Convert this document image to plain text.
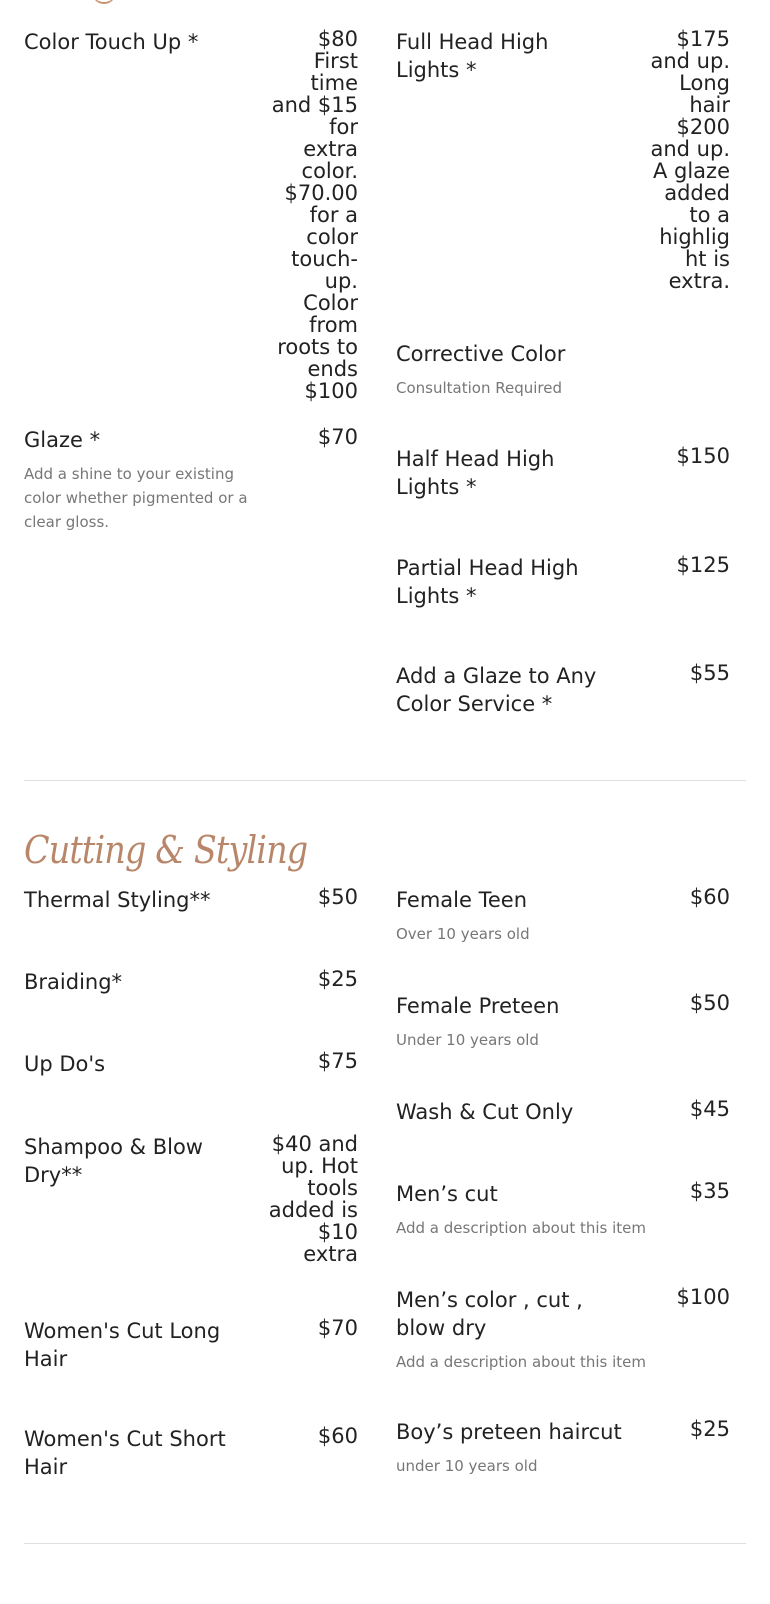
Color Touch Up *	$80 First time and $15 for extra color. $70.00 for a color touch-up. Color from roots to ends $100
Glaze *	$70
Add a shine to your existing color whether pigmented or a clear gloss.
Full Head High Lights *
$175 and up. Long hair $200 and up. A glaze added to a highlight is extra.
Corrective Color
Consultation Required
Half Head High Lights *
$150
Partial Head High Lights *
$125
Add a Glaze to Any Color Service *
$55
Cutting & Styling
Thermal Styling**	$50
Braiding*	$25
Up Do's	$75
Shampoo & Blow Dry**
$40 and up. Hot tools added is $10 extra
Women's Cut Long Hair
$70
Women's Cut Short Hair
$60
Female Teen	$60
Over 10 years old
Female Preteen	$50
Under 10 years old
Wash & Cut Only	$45
Men’s cut	$35
Add a description about this item
Men’s color , cut , blow dry
$100
Add a description about this item
Boy’s preteen haircut	$25
under 10 years old
